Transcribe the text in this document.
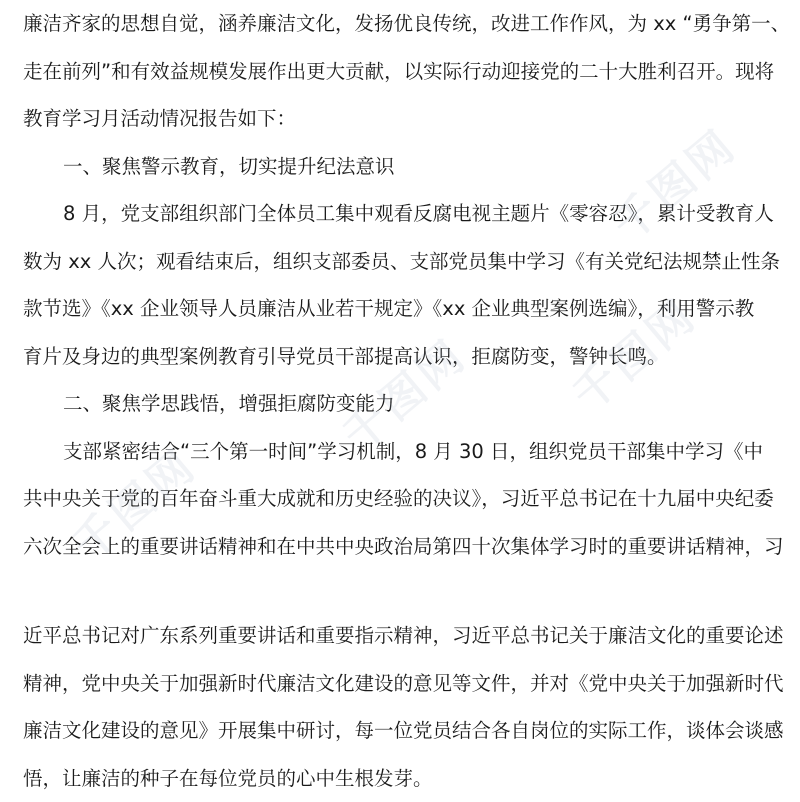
廉洁齐家的思想自觉，涵养廉洁文化，发扬优良传统，改进工作作风，为 xx “勇争第一、
走在前列”和有效益规模发展作出更大贡献，以实际行动迎接党的二十大胜利召开。现将
教育学习月活动情况报告如下：
一、聚焦警示教育，切实提升纪法意识
8 月，党支部组织部门全体员工集中观看反腐电视主题片《零容忍》，累计受教育人
数为 xx 人次；观看结束后，组织支部委员、支部党员集中学习《有关党纪法规禁止性条
款节选》《xx 企业领导人员廉洁从业若干规定》《xx 企业典型案例选编》，利用警示教
育片及身边的典型案例教育引导党员干部提高认识，拒腐防变，警钟长鸣。
二、聚焦学思践悟，增强拒腐防变能力
支部紧密结合“三个第一时间”学习机制，8 月 30 日，组织党员干部集中学习《中
共中央关于党的百年奋斗重大成就和历史经验的决议》，习近平总书记在十九届中央纪委
六次全会上的重要讲话精神和在中共中央政治局第四十次集体学习时的重要讲话精神，习
近平总书记对广东系列重要讲话和重要指示精神，习近平总书记关于廉洁文化的重要论述
精神，党中央关于加强新时代廉洁文化建设的意见等文件，并对《党中央关于加强新时代
廉洁文化建设的意见》开展集中研讨，每一位党员结合各自岗位的实际工作，谈体会谈感
悟，让廉洁的种子在每位党员的心中生根发芽。
千图网
千图网
千图网
千图网
